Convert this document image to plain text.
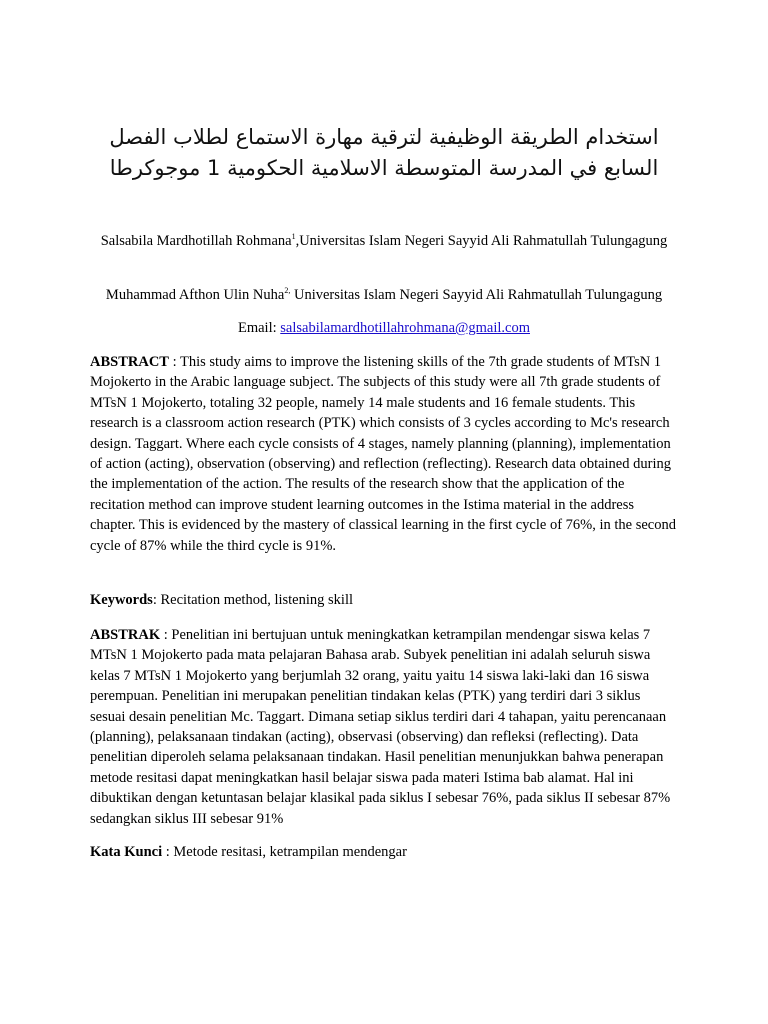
استخدام الطريقة الوظيفية لترقية مهارة الاستماع لطلاب الفصل السابع في المدرسة المتوسطة الاسلامية الحكومية 1 موجوكرطا
Salsabila Mardhotillah Rohmana$^1$,Universitas Islam Negeri Sayyid Ali Rahmatullah Tulungagung
Muhammad Afthon Ulin Nuha$^{2,}$ Universitas Islam Negeri Sayyid Ali Rahmatullah Tulungagung
Email: salsabilamardhotillahrohmana@gmail.com
ABSTRACT : This study aims to improve the listening skills of the 7th grade students of MTsN 1 Mojokerto in the Arabic language subject. The subjects of this study were all 7th grade students of MTsN 1 Mojokerto, totaling 32 people, namely 14 male students and 16 female students. This research is a classroom action research (PTK) which consists of 3 cycles according to Mc's research design. Taggart. Where each cycle consists of 4 stages, namely planning (planning), implementation of action (acting), observation (observing) and reflection (reflecting). Research data obtained during the implementation of the action. The results of the research show that the application of the recitation method can improve student learning outcomes in the Istima material in the address chapter. This is evidenced by the mastery of classical learning in the first cycle of 76%, in the second cycle of 87% while the third cycle is 91%.
Keywords: Recitation method, listening skill
ABSTRAK : Penelitian ini bertujuan untuk meningkatkan ketrampilan mendengar siswa kelas 7 MTsN 1 Mojokerto pada mata pelajaran Bahasa arab. Subyek penelitian ini adalah seluruh siswa kelas 7 MTsN 1 Mojokerto yang berjumlah 32 orang, yaitu yaitu 14 siswa laki-laki dan 16 siswa perempuan. Penelitian ini merupakan penelitian tindakan kelas (PTK) yang terdiri dari 3 siklus sesuai desain penelitian Mc. Taggart. Dimana setiap siklus terdiri dari 4 tahapan, yaitu perencanaan (planning), pelaksanaan tindakan (acting), observasi (observing) dan refleksi (reflecting). Data penelitian diperoleh selama pelaksanaan tindakan. Hasil penelitian menunjukkan bahwa penerapan metode resitasi dapat meningkatkan hasil belajar siswa pada materi Istima bab alamat. Hal ini dibuktikan dengan ketuntasan belajar klasikal pada siklus I sebesar 76%, pada siklus II sebesar 87% sedangkan siklus III sebesar 91%
Kata Kunci : Metode resitasi, ketrampilan mendengar
